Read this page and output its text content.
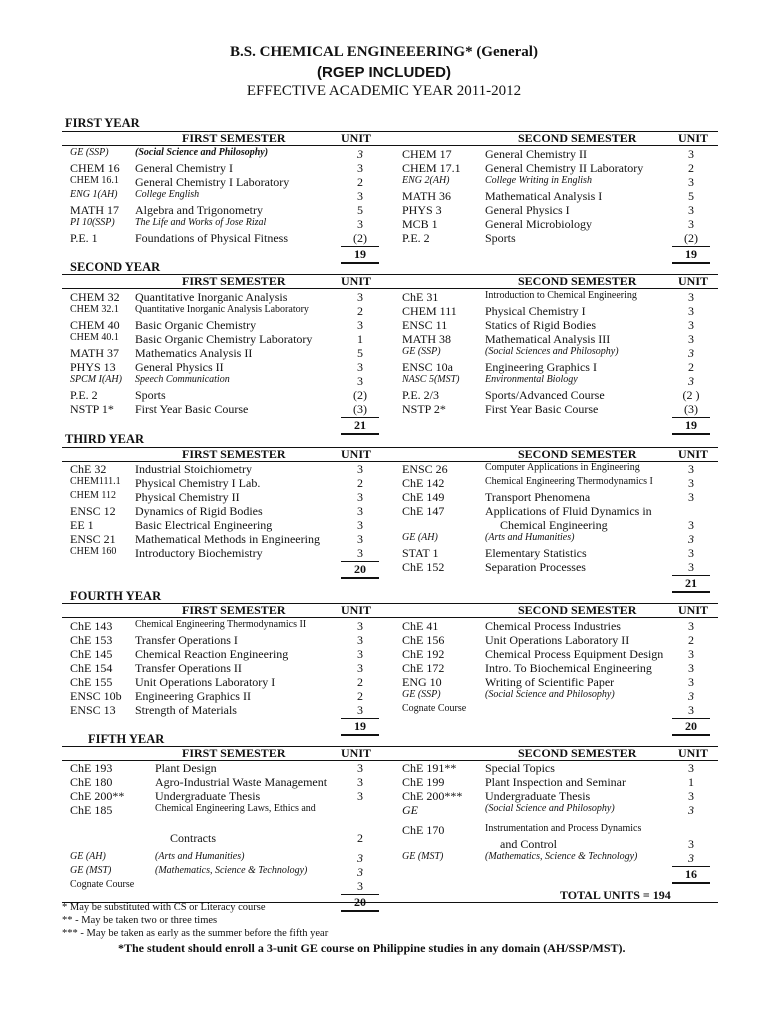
B.S. CHEMICAL ENGINEEERING* (General)
(RGEP INCLUDED)
EFFECTIVE ACADEMIC YEAR 2011-2012
FIRST YEAR
FIRST SEMESTER	UNIT	SECOND SEMESTER	UNIT
GE (SSP)	(Social Science and Philosophy)	3
CHEM 16 General Chemistry I	3
CHEM 16.1 General Chemistry I Laboratory	2
ENG 1(AH) College English	3
MATH 17 Algebra and Trigonometry	5
PI 10(SSP) The Life and Works of Jose Rizal	3
P.E. 1	Foundations of Physical Fitness	(2)
19
CHEM 17	General Chemistry II	3
CHEM 17.1 General Chemistry II Laboratory	2
ENG 2(AH)	College Writing in English	3
MATH 36	Mathematical Analysis I	5
PHYS 3	General Physics I	3
MCB 1	General Microbiology	3
P.E. 2	Sports	(2)
19
SECOND YEAR
FIRST SEMESTER	UNIT	SECOND SEMESTER	UNIT
CHEM 32 Quantitative Inorganic Analysis	3
CHEM 32.1 Quantitative Inorganic Analysis Laboratory	2
CHEM 40 Basic Organic Chemistry	3
CHEM 40.1 Basic Organic Chemistry Laboratory	1
MATH 37 Mathematics Analysis II	5
PHYS 13 General Physics II	3
SPCM I(AH) Speech Communication	3
P.E. 2	Sports	(2)
NSTP 1* First Year Basic Course	(3)
21
ChE 31	Introduction to Chemical Engineering	3
CHEM 111 Physical Chemistry I	3
ENSC 11	Statics of Rigid Bodies	3
MATH 38	Mathematical Analysis III	3
GE (SSP)	(Social Sciences and Philosophy)	3
ENSC 10a	Engineering Graphics I	2
NASC 5(MST)	Environmental Biology	3
P.E. 2/3	Sports/Advanced Course	(2 )
NSTP 2*	First Year Basic Course	(3)
19
THIRD YEAR
FIRST SEMESTER	UNIT	SECOND SEMESTER	UNIT
ChE 32 Industrial Stoichiometry	3
CHEM111.1 Physical Chemistry I Lab.	2
CHEM 112 Physical Chemistry II	3
ENSC 12 Dynamics of Rigid Bodies	3
EE 1	Basic Electrical Engineering	3
ENSC 21 Mathematical Methods in Engineering	3
CHEM 160 Introductory Biochemistry	3
20
ENSC 26	Computer Applications in Engineering	3
ChE 142	Chemical Engineering Thermodynamics I	3
ChE 149	Transport Phenomena	3
ChE 147	Applications of Fluid Dynamics in
Chemical Engineering	3
GE (AH)	(Arts and Humanities)	3
STAT 1	Elementary Statistics	3
ChE 152	Separation Processes	3
21
FOURTH YEAR
FIRST SEMESTER	UNIT	SECOND SEMESTER	UNIT
ChE 143 Chemical Engineering Thermodynamics II	3
ChE 153 Transfer Operations I	3
ChE 145 Chemical Reaction Engineering	3
ChE 154 Transfer Operations II	3
ChE 155 Unit Operations Laboratory I	2
ENSC 10b Engineering Graphics II	2
ENSC 13 Strength of Materials	3
19
ChE 41	Chemical Process Industries	3
ChE 156	Unit Operations Laboratory II	2
ChE 192	Chemical Process Equipment Design	3
ChE 172	Intro. To Biochemical Engineering	3
ENG 10	Writing of Scientific Paper	3
GE (SSP)	(Social Science and Philosophy)	3
Cognate Course	3
20
FIFTH YEAR
FIRST SEMESTER	UNIT	SECOND SEMESTER	UNIT
ChE 193	Plant Design	3
ChE 180	Agro-Industrial Waste Management	3
ChE 200**	Undergraduate Thesis	3
ChE 185	Chemical Engineering Laws, Ethics and
Contracts	2
GE (AH)	(Arts and Humanities)	3
GE (MST)	(Mathematics, Science & Technology)	3
Cognate Course	3
20
ChE 191** Special Topics	3
ChE 199	Plant Inspection and Seminar	1
ChE 200*** Undergraduate Thesis	3
GE	(Social Science and Philosophy)	3
ChE 170	Instrumentation and Process Dynamics
and Control	3
GE (MST)	(Mathematics, Science & Technology)	3
16
TOTAL UNITS = 194
* May be substituted with CS or Literacy course
** - May be taken two or three times
*** - May be taken as early as the summer before the fifth year
*The student should enroll a 3-unit GE course on Philippine studies in any domain (AH/SSP/MST).
